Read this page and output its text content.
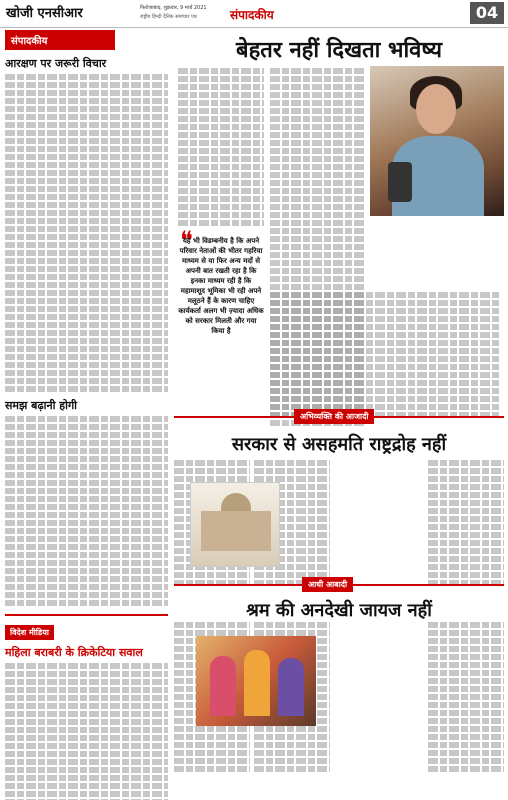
खोजी एनसीआर	फिरोजाबाद, शुक्रवार, 9 मार्च 2021
राष्ट्रीय हिन्दी दैनिक समाचार पत्र	संपादकीय	04
संपादकीय
आरक्षण पर जरूरी विचार
समझ बढ़ानी होगी
विदेश मीडिया
महिला बराबरी के क्रिकेटिया सवाल
बेहतर नहीं दिखता भविष्य
❝
यह भी विडम्बनीय है कि अपने परिवार नेताओं की भीतर गहरिया माध्यम से या फिर अन्य मदों से अपनी बात रखती रहा है कि इनका माध्यम रही है कि महामाशूद भूमिका भी रही अपने मलूठने हैं के कारण चाहिए कार्यकर्ता अलग भी ज़्यादा अधिक को सरकार मिलती और गया किया है
अभिव्यक्ति की आजादी
सरकार से असहमति राष्ट्रद्रोह नहीं
आधी आबादी
श्रम की अनदेखी जायज नहीं
